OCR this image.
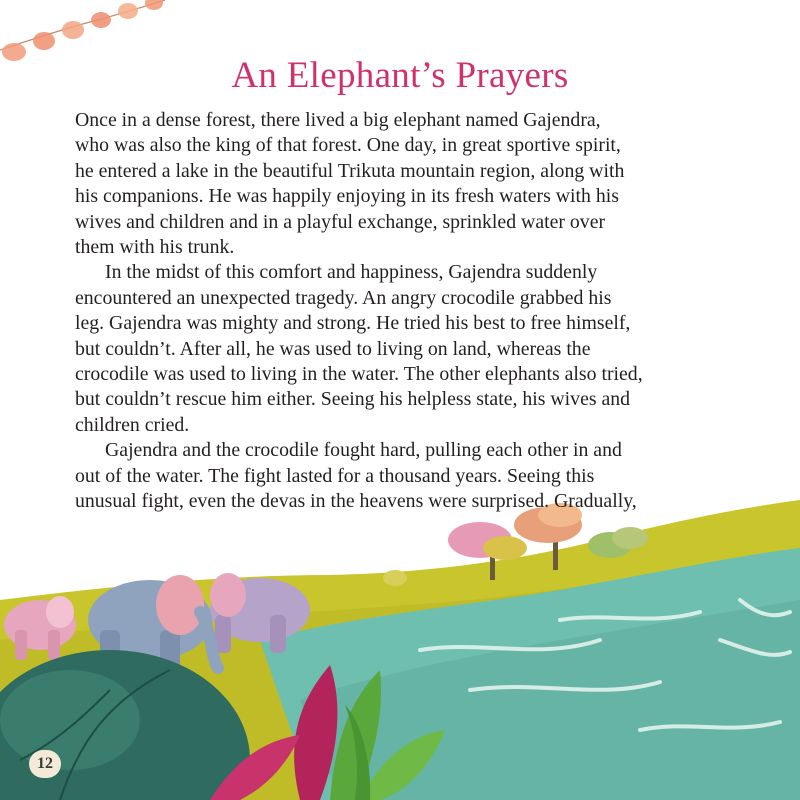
An Elephant’s Prayers
Once in a dense forest, there lived a big elephant named Gajendra,
who was also the king of that forest. One day, in great sportive spirit,
he entered a lake in the beautiful Trikuta mountain region, along with
his companions. He was happily enjoying in its fresh waters with his
wives and children and in a playful exchange, sprinkled water over
them with his trunk.
In the midst of this comfort and happiness, Gajendra suddenly
encountered an unexpected tragedy. An angry crocodile grabbed his
leg. Gajendra was mighty and strong. He tried his best to free himself,
but couldn’t. After all, he was used to living on land, whereas the
crocodile was used to living in the water. The other elephants also tried,
but couldn’t rescue him either. Seeing his helpless state, his wives and
children cried.
Gajendra and the crocodile fought hard, pulling each other in and
out of the water. The fight lasted for a thousand years. Seeing this
unusual fight, even the devas in the heavens were surprised. Gradually,
12
